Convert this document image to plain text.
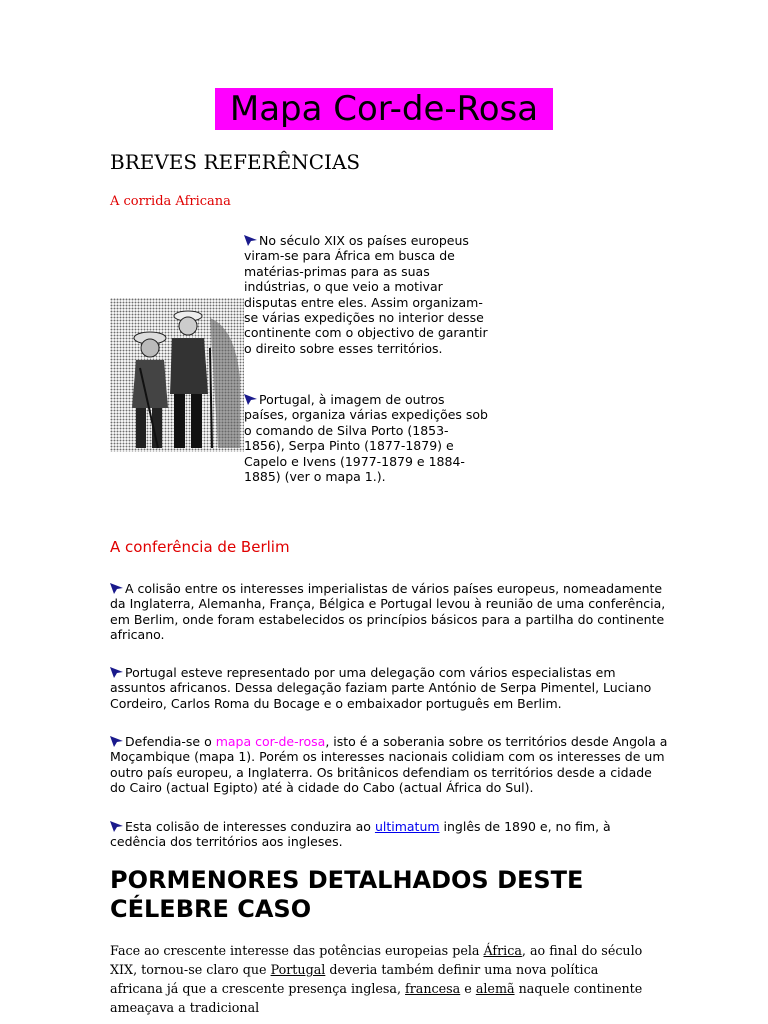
Mapa Cor-de-Rosa
BREVES REFERÊNCIAS
A corrida Africana

No século XIX os países europeus viram-se para África em busca de matérias-primas para as suas indústrias, o que veio a motivar disputas entre eles. Assim organizam-se várias expedições no interior desse continente com o objectivo de garantir o direito sobre esses territórios.

Portugal, à imagem de outros países, organiza várias expedições sob o comando de Silva Porto (1853-1856), Serpa Pinto (1877-1879) e Capelo e Ivens (1977-1879 e 1884-1885) (ver o mapa 1.).

A conferência de Berlim

A colisão entre os interesses imperialistas de vários países europeus, nomeadamente da Inglaterra, Alemanha, França, Bélgica e Portugal levou à reunião de uma conferência, em Berlim, onde foram estabelecidos os princípios básicos para a partilha do continente africano.

Portugal esteve representado por uma delegação com vários especialistas em assuntos africanos. Dessa delegação faziam parte António de Serpa Pimentel, Luciano Cordeiro, Carlos Roma du Bocage e o embaixador português em Berlim.

Defendia-se o mapa cor-de-rosa, isto é a soberania sobre os territórios desde Angola a Moçambique (mapa 1). Porém os interesses nacionais colidiam com os interesses de um outro país europeu, a Inglaterra. Os britânicos defendiam os territórios desde a cidade do Cairo (actual Egipto) até à cidade do Cabo (actual África do Sul).

Esta colisão de interesses conduzira ao ultimatum inglês de 1890 e, no fim, à cedência dos territórios aos ingleses.

PORMENORES DETALHADOS DESTE CÉLEBRE CASO

Face ao crescente interesse das potências europeias pela África, ao final do século XIX, tornou-se claro que Portugal deveria também definir uma nova política africana já que a crescente presença inglesa, francesa e alemã naquele continente ameaçava a tradicional
